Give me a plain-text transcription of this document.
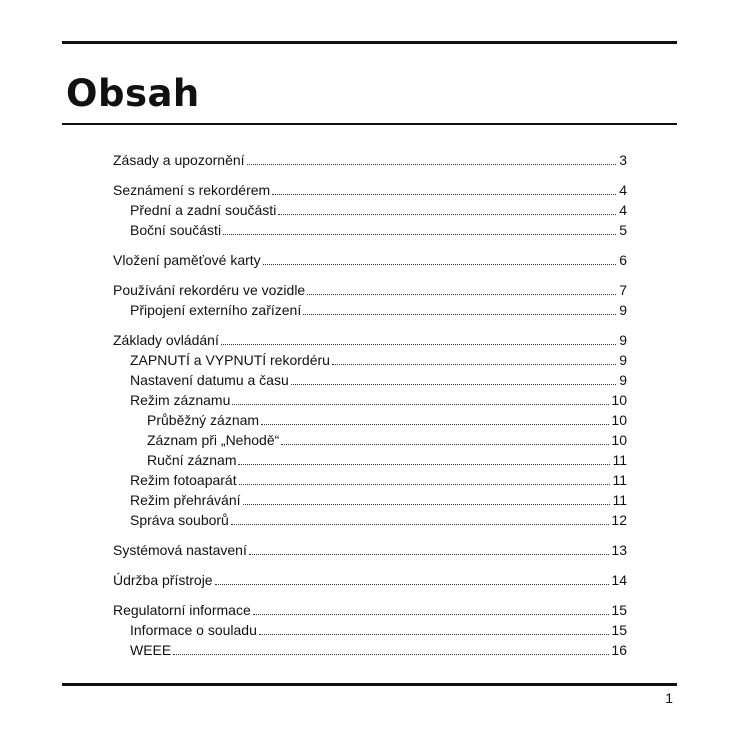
Obsah
Zásady a upozornění	3
Seznámení s rekordérem	4
Přední a zadní součásti	4
Boční součásti	5
Vložení paměťové karty	6
Používání rekordéru ve vozidle	7
Připojení externího zařízení	9
Základy ovládání	9
ZAPNUTÍ a VYPNUTÍ rekordéru	9
Nastavení datumu a času	9
Režim záznamu	10
Průběžný záznam	10
Záznam při „Nehodě“	10
Ruční záznam	11
Režim fotoaparát	11
Režim přehrávání	11
Správa souborů	12
Systémová nastavení	13
Údržba přístroje	14
Regulatorní informace	15
Informace o souladu	15
WEEE	16
1
